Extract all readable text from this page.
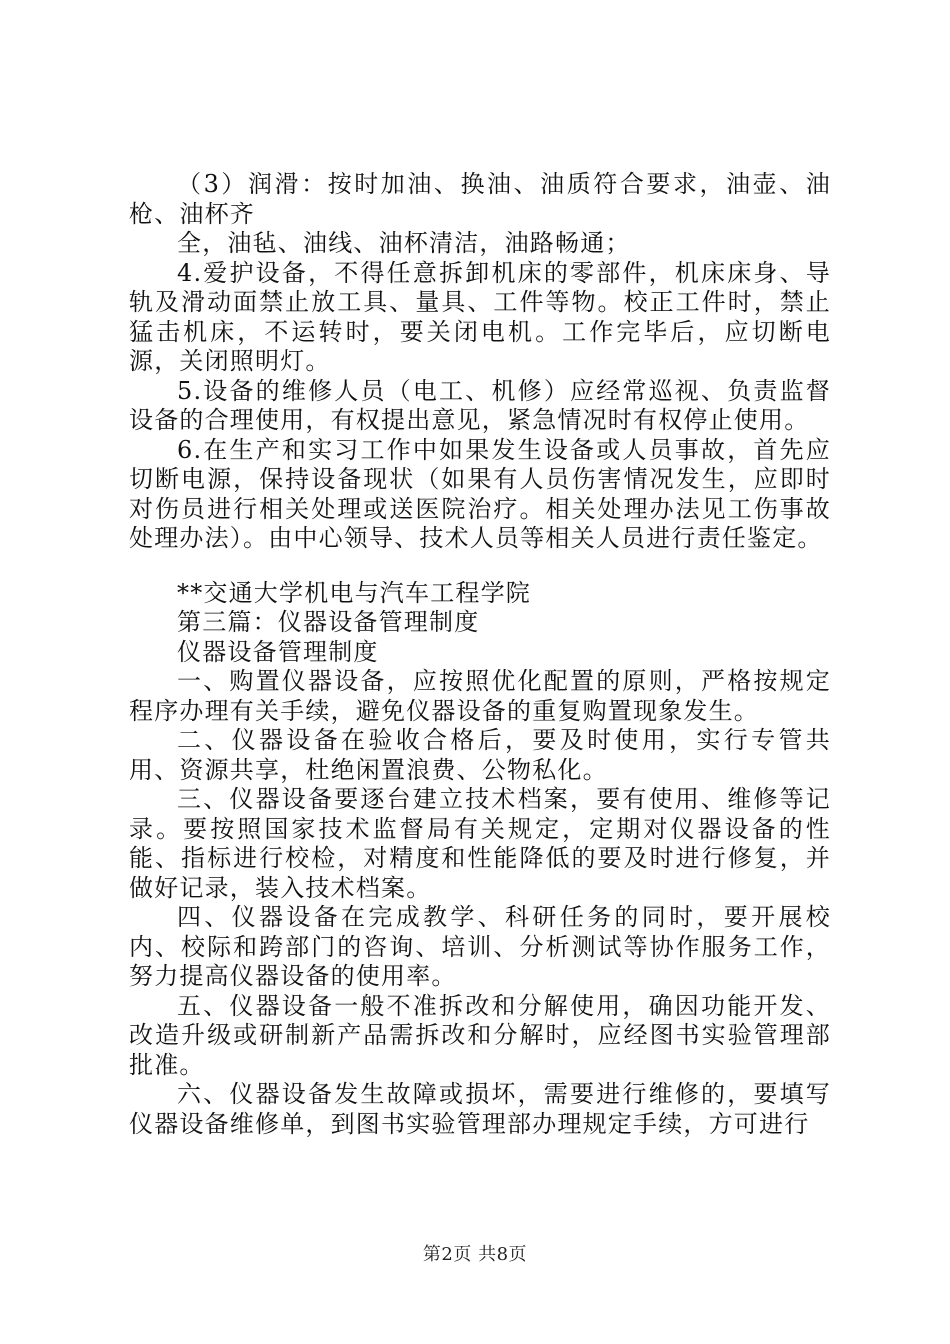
（3）润滑：按时加油、换油、油质符合要求，油壶、油枪、油杯齐

全，油毡、油线、油杯清洁，油路畅通；

4.爱护设备，不得任意拆卸机床的零部件，机床床身、导轨及滑动面禁止放工具、量具、工件等物。校正工件时，禁止猛击机床，不运转时，要关闭电机。工作完毕后，应切断电源，关闭照明灯。

5.设备的维修人员（电工、机修）应经常巡视、负责监督设备的合理使用，有权提出意见，紧急情况时有权停止使用。

6.在生产和实习工作中如果发生设备或人员事故，首先应切断电源，保持设备现状（如果有人员伤害情况发生，应即时对伤员进行相关处理或送医院治疗。相关处理办法见工伤事故处理办法）。由中心领导、技术人员等相关人员进行责任鉴定。

**交通大学机电与汽车工程学院

第三篇：仪器设备管理制度

仪器设备管理制度

一、购置仪器设备，应按照优化配置的原则，严格按规定程序办理有关手续，避免仪器设备的重复购置现象发生。

二、仪器设备在验收合格后，要及时使用，实行专管共用、资源共享，杜绝闲置浪费、公物私化。

三、仪器设备要逐台建立技术档案，要有使用、维修等记录。要按照国家技术监督局有关规定，定期对仪器设备的性能、指标进行校检，对精度和性能降低的要及时进行修复，并做好记录，装入技术档案。

四、仪器设备在完成教学、科研任务的同时，要开展校内、校际和跨部门的咨询、培训、分析测试等协作服务工作，努力提高仪器设备的使用率。

五、仪器设备一般不准拆改和分解使用，确因功能开发、改造升级或研制新产品需拆改和分解时，应经图书实验管理部批准。

六、仪器设备发生故障或损坏，需要进行维修的，要填写仪器设备维修单，到图书实验管理部办理规定手续，方可进行

第2页 共8页
